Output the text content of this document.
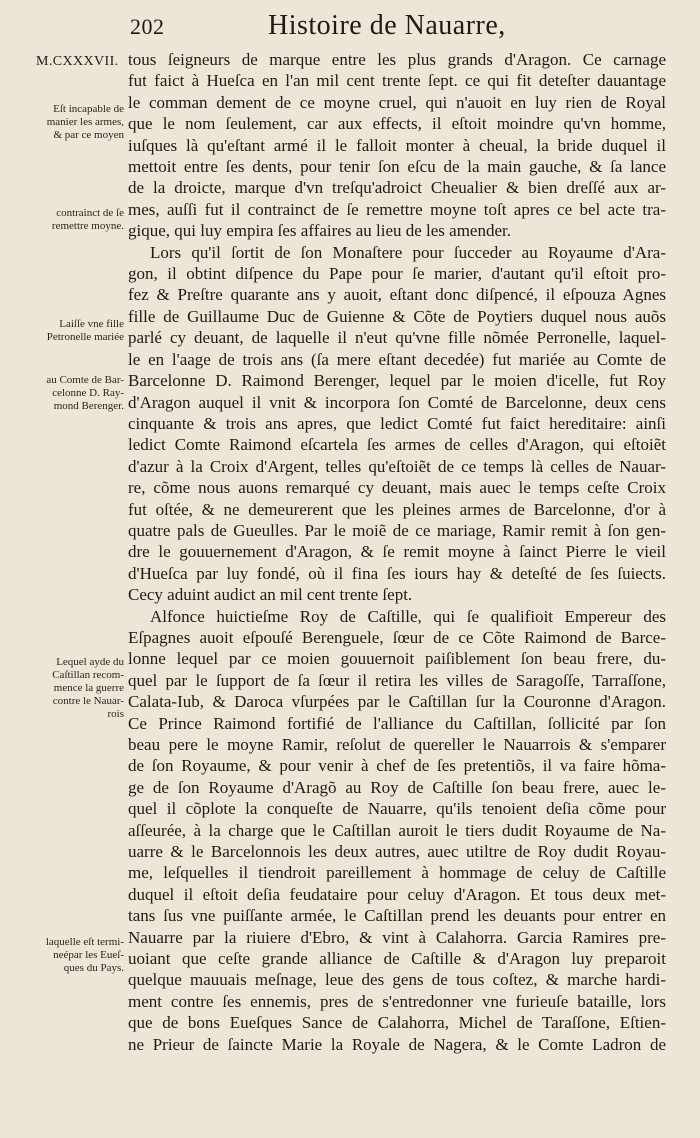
202	Histoire de Nauarre,
M.CXXXVII.
Eſt incapable de
manier les armes,
& par ce moyen
contrainct de ſe
remettre moyne.
Laiſſe vne fille
Petronelle mariée
au Comte de Bar-
celonne D. Ray-
mond Berenger.
Lequel ayde du
Caſtillan recom-
mence la guerre
contre le Nauar-
rois
laquelle eſt termi-
neépar les Eueſ-
ques du Pays.
tous ſeigneurs de marque entre les plus grands d'Aragon. Ce carnage
fut faict à Hueſca en l'an mil cent trente ſept. ce qui fit deteſter dauantage
le comman dement de ce moyne cruel, qui n'auoit en luy rien de Royal
que le nom ſeulement, car aux effects, il eſtoit moindre qu'vn homme,
iuſques là qu'eſtant armé il le falloit monter à cheual, la bride duquel il
mettoit entre ſes dents, pour tenir ſon eſcu de la main gauche, & ſa lance
de la droicte, marque d'vn treſqu'adroict Cheualier & bien dreſſé aux ar-
mes, auſſi fut il contrainct de ſe remettre moyne toſt apres ce bel acte tra-
gique, qui luy empira ſes affaires au lieu de les amender.
Lors qu'il ſortit de ſon Monaſtere pour ſucceder au Royaume d'Ara-
gon, il obtint diſpence du Pape pour ſe marier, d'autant qu'il eſtoit pro-
fez & Preſtre quarante ans y auoit, eſtant donc diſpencé, il eſpouza Agnes
fille de Guillaume Duc de Guienne & Cõte de Poytiers duquel nous auõs
parlé cy deuant, de laquelle il n'eut qu'vne fille nõmée Perronelle, laquel-
le en l'aage de trois ans (ſa mere eſtant decedée) fut mariée au Comte de
Barcelonne D. Raimond Berenger, lequel par le moien d'icelle, fut Roy
d'Aragon auquel il vnit & incorpora ſon Comté de Barcelonne, deux cens
cinquante & trois ans apres, que ledict Comté fut faict hereditaire: ainſi
ledict Comte Raimond eſcartela ſes armes de celles d'Aragon, qui eſtoiẽt
d'azur à la Croix d'Argent, telles qu'eſtoiẽt de ce temps là celles de Nauar-
re, cõme nous auons remarqué cy deuant, mais auec le temps ceſte Croix
fut oſtée, & ne demeurerent que les pleines armes de Barcelonne, d'or à
quatre pals de Gueulles. Par le moiẽ de ce mariage, Ramir remit à ſon gen-
dre le gouuernement d'Aragon, & ſe remit moyne à ſainct Pierre le vieil
d'Hueſca par luy fondé, où il fina ſes iours hay & deteſté de ſes ſuiects.
Cecy aduint audict an mil cent trente ſept.
Alfonce huictieſme Roy de Caſtille, qui ſe qualifioit Empereur des
Eſpagnes auoit eſpouſé Berenguele, ſœur de ce Cõte Raimond de Barce-
lonne lequel par ce moien gouuernoit paiſiblement ſon beau frere, du-
quel par le ſupport de ſa ſœur il retira les villes de Saragoſſe, Tarraſſone,
Calata-Iub, & Daroca vſurpées par le Caſtillan ſur la Couronne d'Aragon.
Ce Prince Raimond fortifié de l'alliance du Caſtillan, ſollicité par ſon
beau pere le moyne Ramir, reſolut de quereller le Nauarrois & s'emparer
de ſon Royaume, & pour venir à chef de ſes pretentiõs, il va faire hõma-
ge de ſon Royaume d'Aragõ au Roy de Caſtille ſon beau frere, auec le-
quel il cõplote la conqueſte de Nauarre, qu'ils tenoient deſia cõme pour
aſſeurée, à la charge que le Caſtillan auroit le tiers dudit Royaume de Na-
uarre & le Barcelonnois les deux autres, auec utiltre de Roy dudit Royau-
me, leſquelles il tiendroit pareillement à hommage de celuy de Caſtille
duquel il eſtoit deſia feudataire pour celuy d'Aragon. Et tous deux met-
tans ſus vne puiſſante armée, le Caſtillan prend les deuants pour entrer en
Nauarre par la riuiere d'Ebro, & vint à Calahorra. Garcia Ramires pre-
uoiant que ceſte grande alliance de Caſtille & d'Aragon luy preparoit
quelque mauuais meſnage, leue des gens de tous coſtez, & marche hardi-
ment contre ſes ennemis, pres de s'entredonner vne furieuſe bataille, lors
que de bons Eueſques Sance de Calahorra, Michel de Taraſſone, Eſtien-
ne Prieur de ſaincte Marie la Royale de Nagera, & le Comte Ladron de
